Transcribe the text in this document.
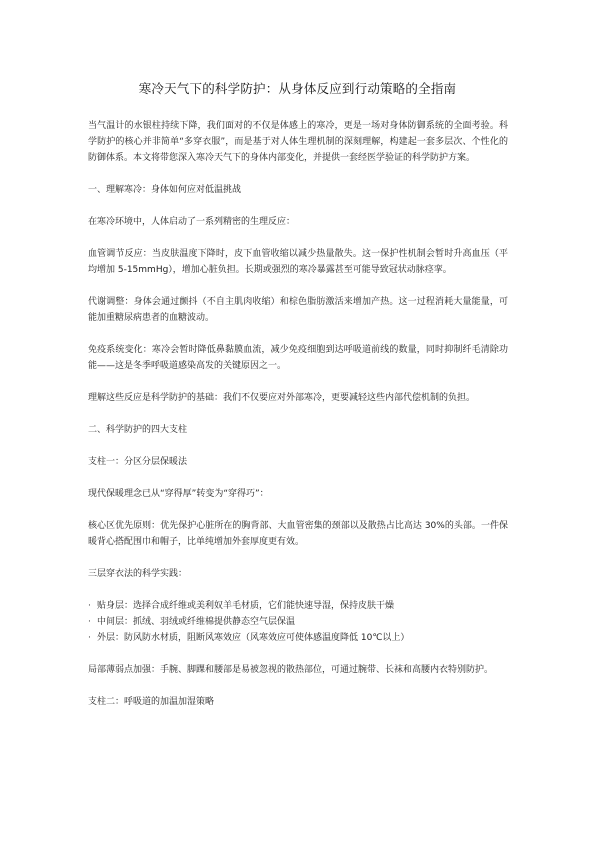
寒冷天气下的科学防护：从身体反应到行动策略的全指南

当气温计的水银柱持续下降，我们面对的不仅是体感上的寒冷，更是一场对身体防御系统的全面考验。科学防护的核心并非简单“多穿衣服”，而是基于对人体生理机制的深刻理解，构建起一套多层次、个性化的防御体系。本文将带您深入寒冷天气下的身体内部变化，并提供一套经医学验证的科学防护方案。

一、理解寒冷：身体如何应对低温挑战

在寒冷环境中，人体启动了一系列精密的生理反应：

血管调节反应：当皮肤温度下降时，皮下血管收缩以减少热量散失。这一保护性机制会暂时升高血压（平均增加 5-15mmHg），增加心脏负担。长期或强烈的寒冷暴露甚至可能导致冠状动脉痉挛。

代谢调整：身体会通过颤抖（不自主肌肉收缩）和棕色脂肪激活来增加产热。这一过程消耗大量能量，可能加重糖尿病患者的血糖波动。

免疫系统变化：寒冷会暂时降低鼻黏膜血流，减少免疫细胞到达呼吸道前线的数量，同时抑制纤毛清除功能——这是冬季呼吸道感染高发的关键原因之一。

理解这些反应是科学防护的基础：我们不仅要应对外部寒冷，更要减轻这些内部代偿机制的负担。

二、科学防护的四大支柱

支柱一：分区分层保暖法

现代保暖理念已从“穿得厚”转变为“穿得巧”：

核心区优先原则：优先保护心脏所在的胸背部、大血管密集的颈部以及散热占比高达 30%的头部。一件保暖背心搭配围巾和帽子，比单纯增加外套厚度更有效。

三层穿衣法的科学实践：

· 贴身层：选择合成纤维或美利奴羊毛材质，它们能快速导湿，保持皮肤干燥
· 中间层：抓绒、羽绒或纤维棉提供静态空气层保温
· 外层：防风防水材质，阻断风寒效应（风寒效应可使体感温度降低 10℃以上）

局部薄弱点加强：手腕、脚踝和腰部是易被忽视的散热部位，可通过腕带、长袜和高腰内衣特别防护。

支柱二：呼吸道的加温加湿策略
